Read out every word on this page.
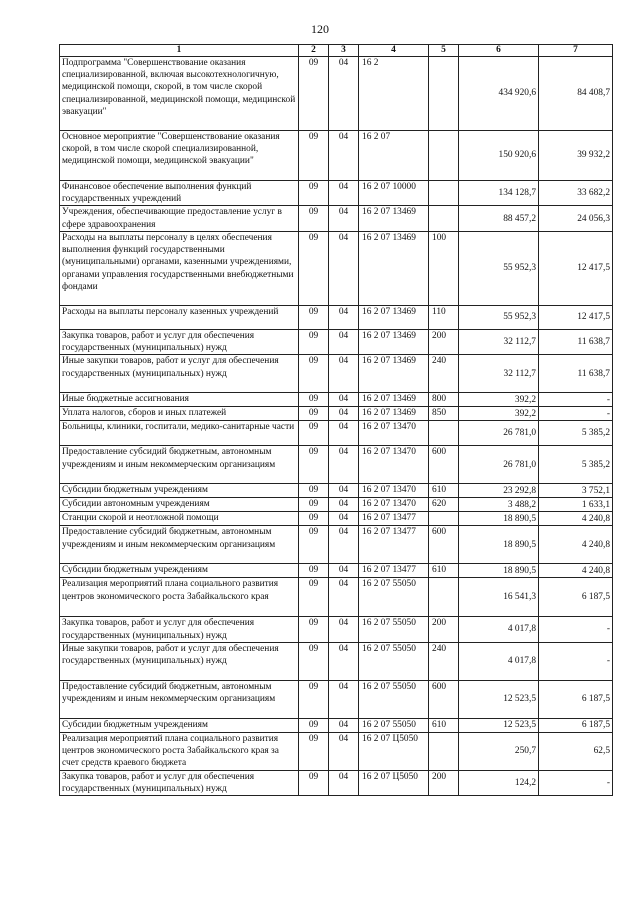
120
1	2	3	4	5	6	7
Подпрограмма "Совершенствование оказания специализированной, включая высокотехнологичную, медицинской помощи, скорой, в том числе скорой специализированной, медицинской помощи, медицинской эвакуации"	09	04	16 2		434 920,6	84 408,7
Основное мероприятие "Совершенствование оказания скорой, в том числе скорой специализированной, медицинской помощи, медицинской эвакуации"	09	04	16 2 07		150 920,6	39 932,2
Финансовое обеспечение выполнения функций государственных учреждений	09	04	16 2 07 10000		134 128,7	33 682,2
Учреждения, обеспечивающие предоставление услуг в сфере здравоохранения	09	04	16 2 07 13469		88 457,2	24 056,3
Расходы на выплаты персоналу в целях обеспечения выполнения функций государственными (муниципальными) органами, казенными учреждениями, органами управления государственными внебюджетными фондами	09	04	16 2 07 13469	100	55 952,3	12 417,5
Расходы на выплаты персоналу казенных учреждений	09	04	16 2 07 13469	110	55 952,3	12 417,5
Закупка товаров, работ и услуг для обеспечения государственных (муниципальных) нужд	09	04	16 2 07 13469	200	32 112,7	11 638,7
Иные закупки товаров, работ и услуг для обеспечения государственных (муниципальных) нужд	09	04	16 2 07 13469	240	32 112,7	11 638,7
Иные бюджетные ассигнования	09	04	16 2 07 13469	800	392,2	-
Уплата налогов, сборов и иных платежей	09	04	16 2 07 13469	850	392,2	-
Больницы, клиники, госпитали, медико-санитарные части	09	04	16 2 07 13470		26 781,0	5 385,2
Предоставление субсидий бюджетным, автономным учреждениям и иным некоммерческим организациям	09	04	16 2 07 13470	600	26 781,0	5 385,2
Субсидии бюджетным учреждениям	09	04	16 2 07 13470	610	23 292,8	3 752,1
Субсидии автономным учреждениям	09	04	16 2 07 13470	620	3 488,2	1 633,1
Станции скорой и неотложной помощи	09	04	16 2 07 13477		18 890,5	4 240,8
Предоставление субсидий бюджетным, автономным учреждениям и иным некоммерческим организациям	09	04	16 2 07 13477	600	18 890,5	4 240,8
Субсидии бюджетным учреждениям	09	04	16 2 07 13477	610	18 890,5	4 240,8
Реализация мероприятий плана социального развития центров экономического роста Забайкальского края	09	04	16 2 07 55050		16 541,3	6 187,5
Закупка товаров, работ и услуг для обеспечения государственных (муниципальных) нужд	09	04	16 2 07 55050	200	4 017,8	-
Иные закупки товаров, работ и услуг для обеспечения государственных (муниципальных) нужд	09	04	16 2 07 55050	240	4 017,8	-
Предоставление субсидий бюджетным, автономным учреждениям и иным некоммерческим организациям	09	04	16 2 07 55050	600	12 523,5	6 187,5
Субсидии бюджетным учреждениям	09	04	16 2 07 55050	610	12 523,5	6 187,5
Реализация мероприятий плана социального развития центров экономического роста Забайкальского края за счет средств краевого бюджета	09	04	16 2 07 Ц5050		250,7	62,5
Закупка товаров, работ и услуг для обеспечения государственных (муниципальных) нужд	09	04	16 2 07 Ц5050	200	124,2	-
